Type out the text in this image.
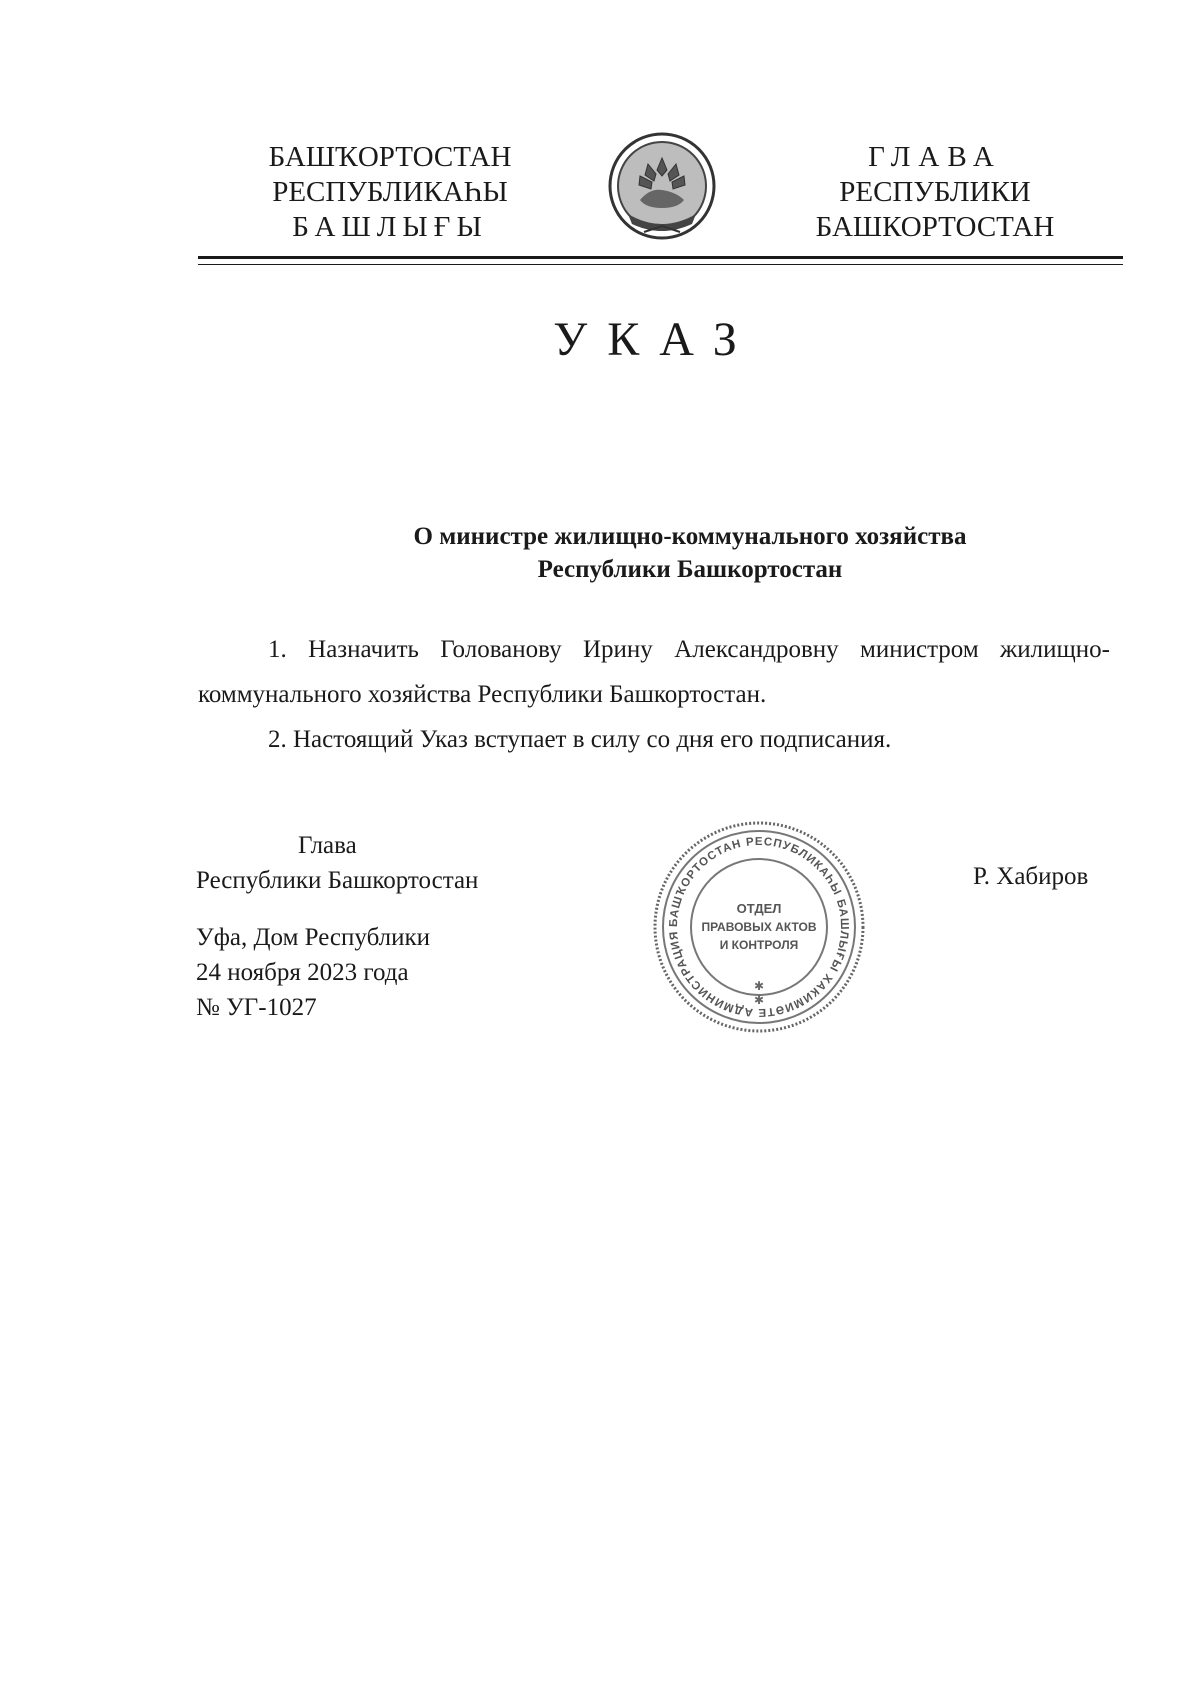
БАШҠОРТОСТАН
РЕСПУБЛИКАҺЫ
БАШЛЫҒЫ
ГЛАВА
РЕСПУБЛИКИ
БАШКОРТОСТАН
УКАЗ
О министре жилищно-коммунального хозяйства
Республики Башкортостан
1. Назначить Голованову Ирину Александровну министром жилищно-коммунального хозяйства Республики Башкортостан.
2. Настоящий Указ вступает в силу со дня его подписания.
Глава
Республики Башкортостан
БАШҠОРТОСТАН РЕСПУБЛИКАҺЫ БАШЛЫҒЫ ХАКИМИӘТЕ АДМИНИСТРАЦИЯ
ОТДЕЛ
ПРАВОВЫХ АКТОВ
И КОНТРОЛЯ
✱
✱
Р. Хабиров
Уфа, Дом Республики
24 ноября 2023 года
№ УГ-1027
